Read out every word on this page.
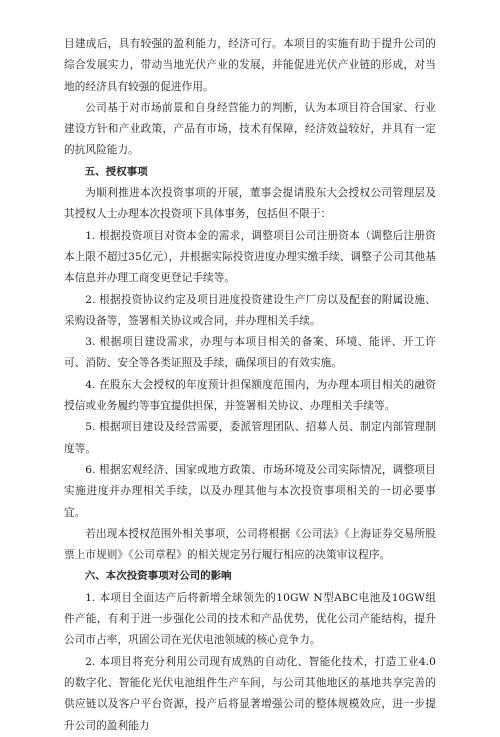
目建成后，具有较强的盈利能力，经济可行。本项目的实施有助于提升公司的综合发展实力，带动当地光伏产业的发展，并能促进光伏产业链的形成，对当地的经济具有较强的促进作用。

公司基于对市场前景和自身经营能力的判断，认为本项目符合国家、行业建设方针和产业政策，产品有市场，技术有保障，经济效益较好，并具有一定的抗风险能力。

五、授权事项

为顺利推进本次投资事项的开展，董事会提请股东大会授权公司管理层及其授权人士办理本次投资项下具体事务，包括但不限于：

1. 根据投资项目对资本金的需求，调整项目公司注册资本（调整后注册资本上限不超过35亿元），并根据实际投资进度办理实缴手续、调整子公司其他基本信息并办理工商变更登记手续等。

2. 根据投资协议约定及项目进度投资建设生产厂房以及配套的附属设施、采购设备等，签署相关协议或合同，并办理相关手续。

3. 根据项目建设需求，办理与本项目相关的备案、环境、能评、开工许可、消防、安全等各类证照及手续，确保项目的有效实施。

4. 在股东大会授权的年度预计担保额度范围内，为办理本项目相关的融资授信或业务履约等事宜提供担保，并签署相关协议、办理相关手续等。

5. 根据项目建设及经营需要，委派管理团队、招募人员、制定内部管理制度等。

6. 根据宏观经济、国家或地方政策、市场环境及公司实际情况，调整项目实施进度并办理相关手续，以及办理其他与本次投资事项相关的一切必要事宜。

若出现本授权范围外相关事项，公司将根据《公司法》《上海证券交易所股票上市规则》《公司章程》的相关规定另行履行相应的决策审议程序。

六、本次投资事项对公司的影响

1. 本项目全面达产后将新增全球领先的10GW N型ABC电池及10GW组件产能，有利于进一步强化公司的技术和产品优势，优化公司产能结构，提升公司市占率，巩固公司在光伏电池领域的核心竞争力。

2. 本项目将充分利用公司现有成熟的自动化、智能化技术，打造工业4.0的数字化、智能化光伏电池组件生产车间，与公司其他地区的基地共享完善的供应链以及客户平台资源，投产后将显著增强公司的整体规模效应，进一步提升公司的盈利能力
